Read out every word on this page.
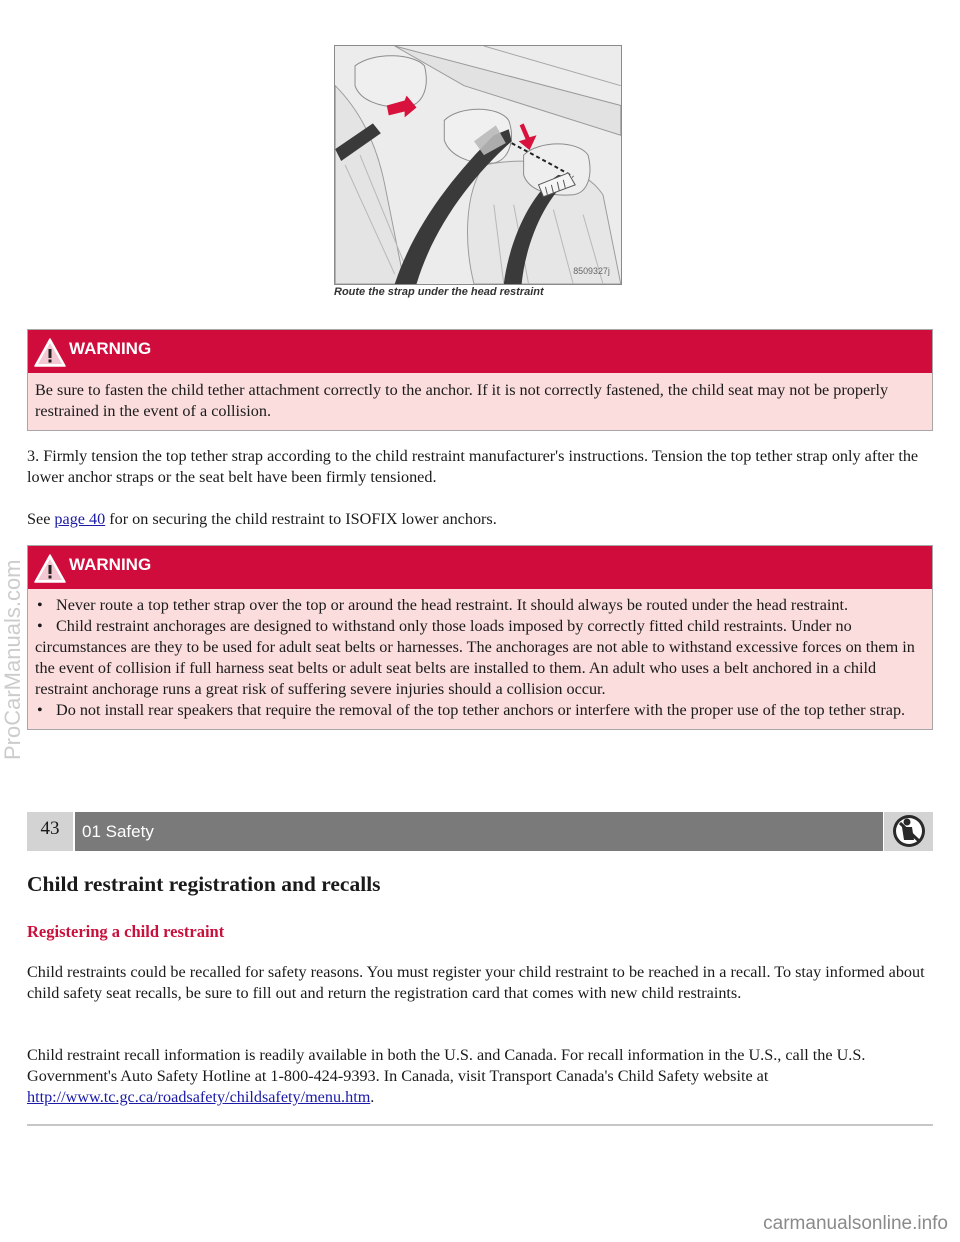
8509327j
Route the strap under the head restraint
WARNING
Be sure to fasten the child tether attachment correctly to the anchor. If it is not correctly fastened, the child seat may not be properly restrained in the event of a collision.

3. Firmly tension the top tether strap according to the child restraint manufacturer's instructions. Tension the top tether strap only after the lower anchor straps or the seat belt have been firmly tensioned.

See page 40 for on securing the child restraint to ISOFIX lower anchors.

WARNING
• Never route a top tether strap over the top or around the head restraint. It should always be routed under the head restraint.
• Child restraint anchorages are designed to withstand only those loads imposed by correctly fitted child restraints. Under no circumstances are they to be used for adult seat belts or harnesses. The anchorages are not able to withstand excessive forces on them in the event of collision if full harness seat belts or adult seat belts are installed to them. An adult who uses a belt anchored in a child restraint anchorage runs a great risk of suffering severe injuries should a collision occur.
• Do not install rear speakers that require the removal of the top tether anchors or interfere with the proper use of the top tether strap.
43	01 Safety
Child restraint registration and recalls
Registering a child restraint

Child restraints could be recalled for safety reasons. You must register your child restraint to be reached in a recall. To stay informed about child safety seat recalls, be sure to fill out and return the registration card that comes with new child restraints.

Child restraint recall information is readily available in both the U.S. and Canada. For recall information in the U.S., call the U.S. Government's Auto Safety Hotline at 1-800-424-9393. In Canada, visit Transport Canada's Child Safety website at http://www.tc.gc.ca/roadsafety/childsafety/menu.htm.

ProCarManuals.com
carmanualsonline.info
